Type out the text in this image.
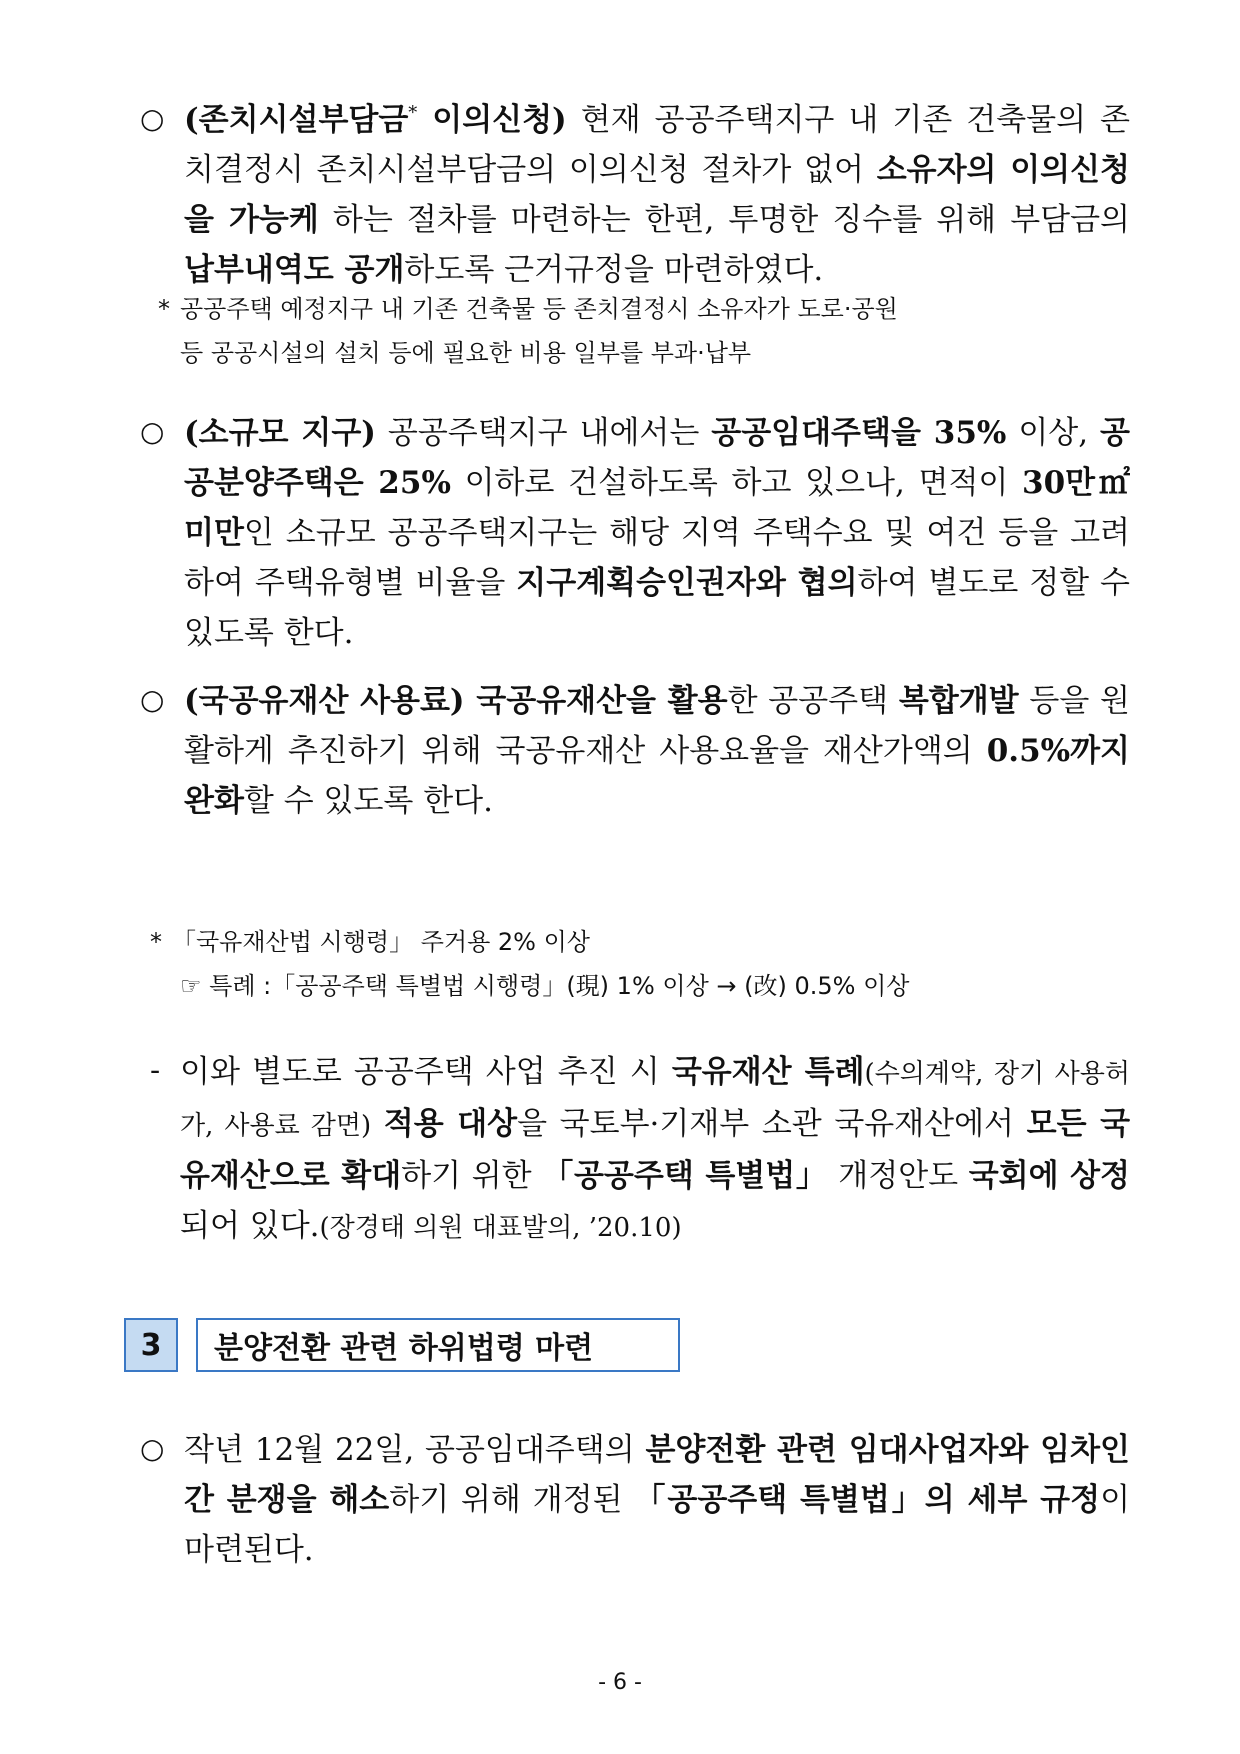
○ (존치시설부담금* 이의신청) 현재 공공주택지구 내 기존 건축물의 존치결정시 존치시설부담금의 이의신청 절차가 없어 소유자의 이의신청을 가능케 하는 절차를 마련하는 한편, 투명한 징수를 위해 부담금의 납부내역도 공개하도록 근거규정을 마련하였다.
* 공공주택 예정지구 내 기존 건축물 등 존치결정시 소유자가 도로·공원
등 공공시설의 설치 등에 필요한 비용 일부를 부과·납부
○ (소규모 지구) 공공주택지구 내에서는 공공임대주택을 35% 이상, 공공분양주택은 25% 이하로 건설하도록 하고 있으나, 면적이 30만㎡ 미만인 소규모 공공주택지구는 해당 지역 주택수요 및 여건 등을 고려하여 주택유형별 비율을 지구계획승인권자와 협의하여 별도로 정할 수 있도록 한다.
○ (국공유재산 사용료) 국공유재산을 활용한 공공주택 복합개발 등을 원활하게 추진하기 위해 국공유재산 사용요율을 재산가액의 0.5%까지 완화할 수 있도록 한다.
* 「국유재산법 시행령」 주거용 2% 이상
☞ 특례 :「공공주택 특별법 시행령」(現) 1% 이상 → (改) 0.5% 이상
- 이와 별도로 공공주택 사업 추진 시 국유재산 특례(수의계약, 장기 사용허가, 사용료 감면) 적용 대상을 국토부·기재부 소관 국유재산에서 모든 국유재산으로 확대하기 위한 「공공주택 특별법」 개정안도 국회에 상정되어 있다.(장경태 의원 대표발의, ’20.10)
3	분양전환 관련 하위법령 마련
○ 작년 12월 22일, 공공임대주택의 분양전환 관련 임대사업자와 임차인 간 분쟁을 해소하기 위해 개정된 「공공주택 특별법」의 세부 규정이 마련된다.
- 6 -
